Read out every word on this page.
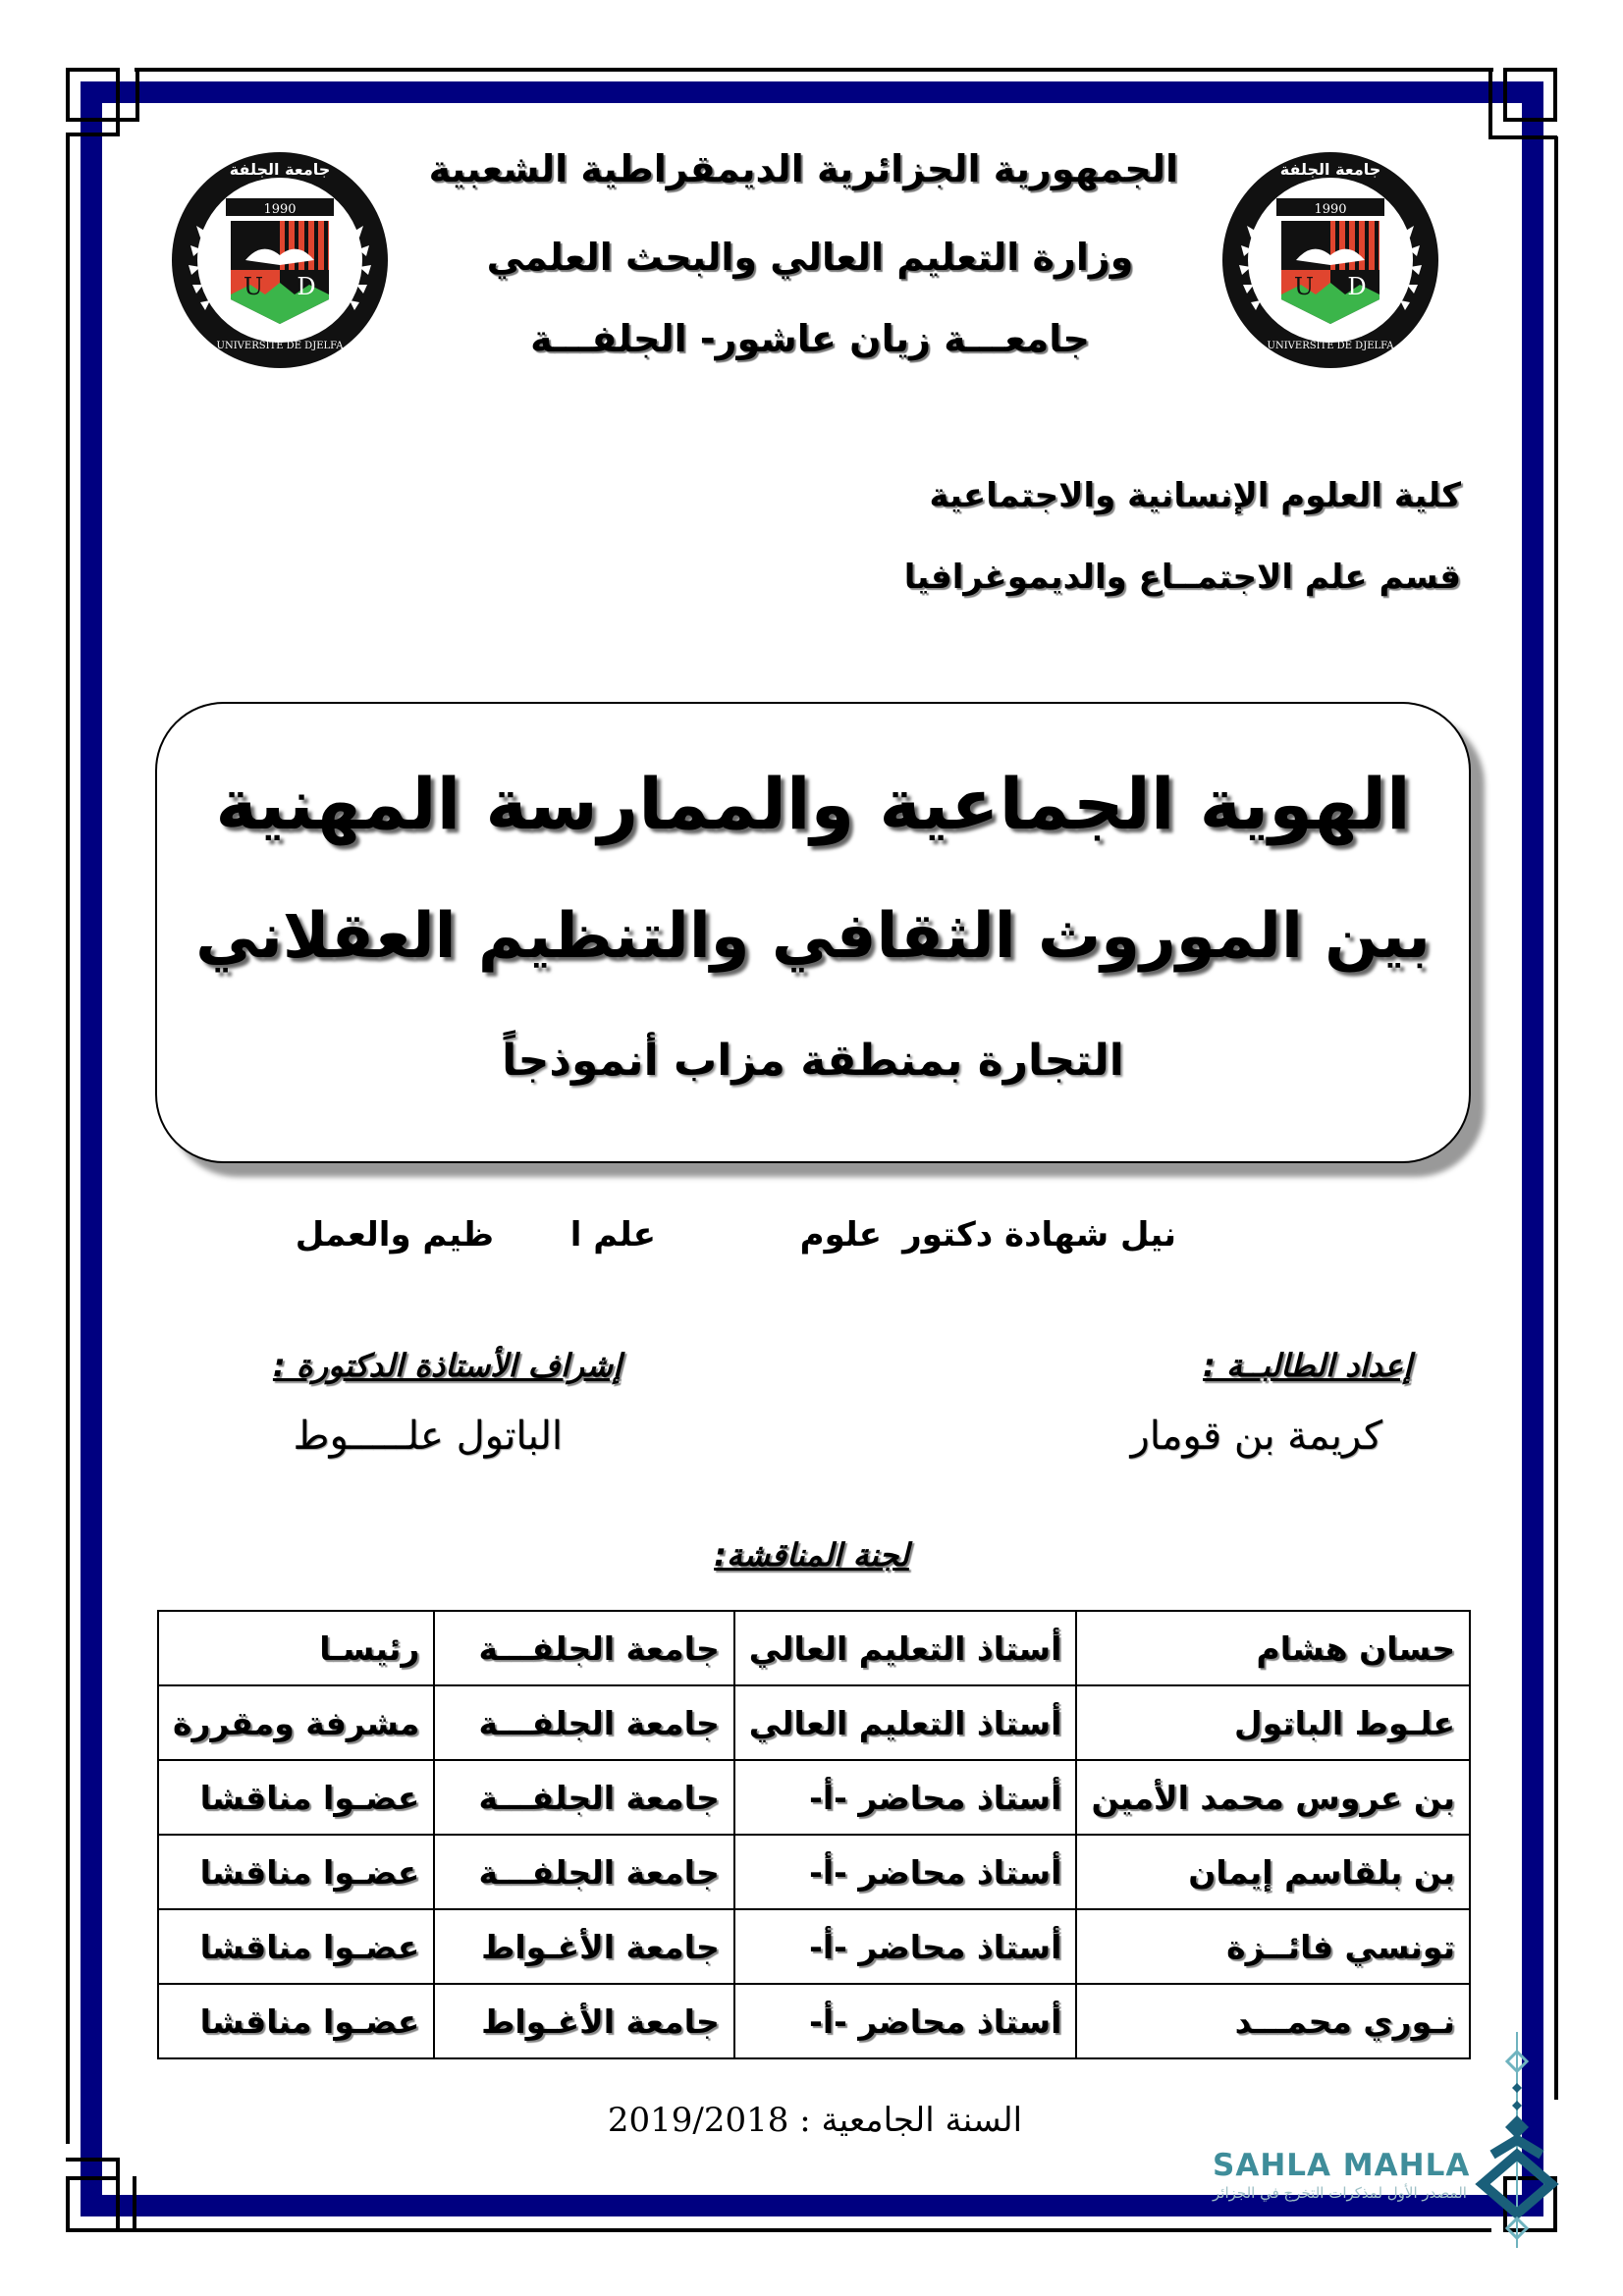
جامعة الجلفة
1990
U D
UNIVERSITÉ DE DJELFA
جامعة الجلفة
1990
U D
UNIVERSITÉ DE DJELFA
الجمهورية الجزائرية الديمقراطية الشعبية
وزارة التعليم العالي والبحث العلمي
جامعـــة زيان عاشور- الجلفـــة
كلية العلوم الإنسانية والاجتماعية
قسم علم الاجتمــاع والديموغرافيا
الهوية الجماعية والممارسة المهنية
بين الموروث الثقافي والتنظيم العقلاني
التجارة بمنطقة مزاب أنموذجاً
نيل شهادة دكتور
علوم
علم ا
ظيم والعمل
إعداد الطالبــة :
كريمة بن قومار
إشراف الأستاذة الدكتورة :
الباتول علـــــوط
لجنة المناقشة:
حسان هشام	أستاذ التعليم العالي	جامعة الجلفـــة	رئيسـا
علـوط الباتول	أستاذ التعليم العالي	جامعة الجلفـــة	مشرفة ومقررة
بن عروس محمد الأمين	أستاذ محاضر -أ-	جامعة الجلفـــة	عضـوا مناقشا
بن بلقاسم إيمان	أستاذ محاضر -أ-	جامعة الجلفـــة	عضـوا مناقشا
تونسي فائــزة	أستاذ محاضر -أ-	جامعة الأغـواط	عضـوا مناقشا
نـوري محمـــد	أستاذ محاضر -أ-	جامعة الأغـواط	عضـوا مناقشا
2019/2018 السنة الجامعية :
SAHLA MAHLA
المصدر الأول لمذكرات التخرج في الجزائر
